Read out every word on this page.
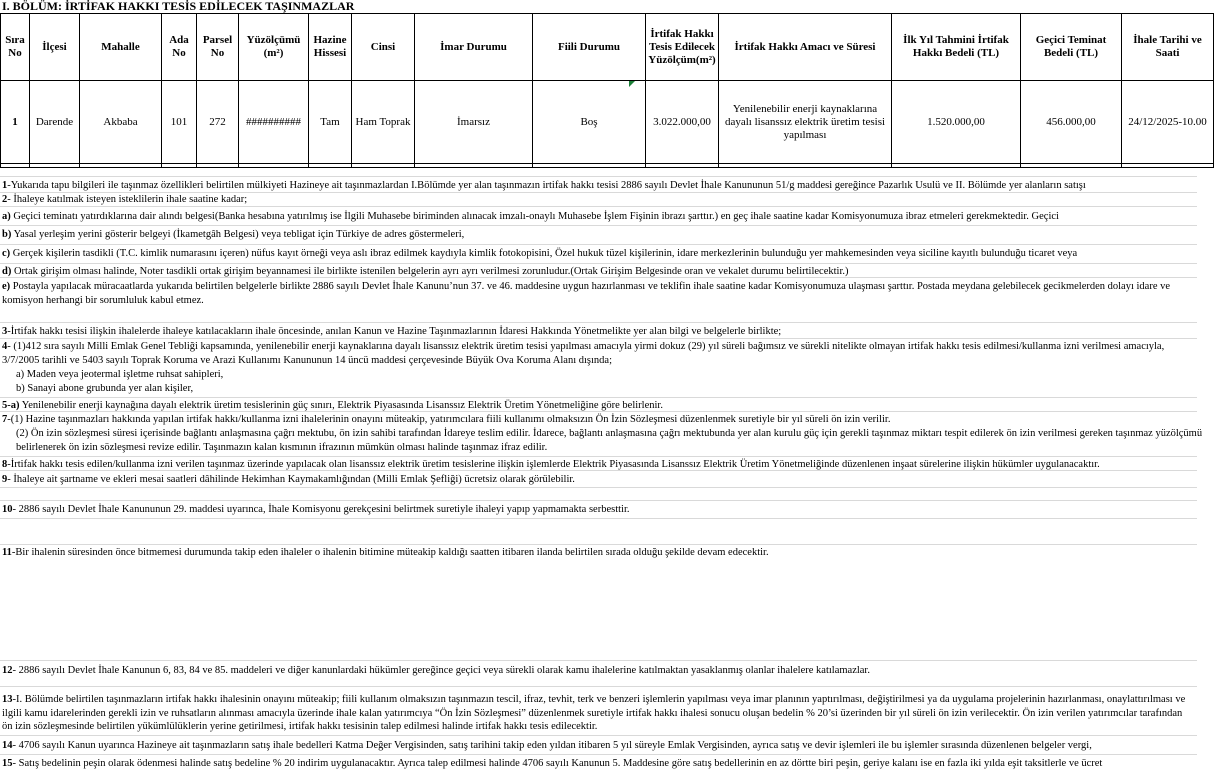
I. BÖLÜM: İRTİFAK HAKKI TESİS EDİLECEK TAŞINMAZLAR
Sıra No	İlçesi	Mahalle	Ada No	Parsel No	Yüzölçümü (m²)	Hazine Hissesi	Cinsi	İmar Durumu	Fiili Durumu	İrtifak Hakkı Tesis Edilecek Yüzölçüm(m²)	İrtifak Hakkı Amacı ve Süresi	İlk Yıl Tahmini İrtifak Hakkı Bedeli (TL)	Geçici Teminat Bedeli (TL)	İhale Tarihi ve Saati
1	Darende	Akbaba	101	272	##########	Tam	Ham Toprak	İmarsız	Boş	3.022.000,00	Yenilenebilir enerji kaynaklarına dayalı lisanssız elektrik üretim tesisi yapılması	1.520.000,00	456.000,00	24/12/2025-10.00

1-Yukarıda tapu bilgileri ile taşınmaz özellikleri belirtilen mülkiyeti Hazineye ait taşınmazlardan I.Bölümde yer alan taşınmazın irtifak hakkı tesisi 2886 sayılı Devlet İhale Kanununun 51/g maddesi gereğince Pazarlık Usulü ve II. Bölümde yer alanların satışı
2- İhaleye katılmak isteyen isteklilerin ihale saatine kadar;
a) Geçici teminatı yatırdıklarına dair alındı belgesi(Banka hesabına yatırılmış ise İlgili Muhasebe biriminden alınacak imzalı-onaylı Muhasebe İşlem Fişinin ibrazı şarttır.) en geç ihale saatine kadar Komisyonumuza ibraz etmeleri gerekmektedir. Geçici
b) Yasal yerleşim yerini gösterir belgeyi (İkametgâh Belgesi) veya tebligat için Türkiye de adres göstermeleri,
c) Gerçek kişilerin tasdikli (T.C. kimlik numarasını içeren) nüfus kayıt örneği veya aslı ibraz edilmek kaydıyla kimlik fotokopisini, Özel hukuk tüzel kişilerinin, idare merkezlerinin bulunduğu yer mahkemesinden veya siciline kayıtlı bulunduğu ticaret veya
d) Ortak girişim olması halinde, Noter tasdikli ortak girişim beyannamesi ile birlikte istenilen belgelerin ayrı ayrı verilmesi zorunludur.(Ortak Girişim Belgesinde oran ve vekalet durumu belirtilecektir.)
e) Postayla yapılacak müracaatlarda yukarıda belirtilen belgelerle birlikte 2886 sayılı Devlet İhale Kanunu’nun 37. ve 46. maddesine uygun hazırlanması ve teklifin ihale saatine kadar Komisyonumuza ulaşması şarttır. Postada meydana gelebilecek gecikmelerden dolayı idare ve komisyon herhangi bir sorumluluk kabul etmez.
3-İrtifak hakkı tesisi ilişkin ihalelerde ihaleye katılacakların ihale öncesinde, anılan Kanun ve Hazine Taşınmazlarının İdaresi Hakkında Yönetmelikte yer alan bilgi ve belgelerle birlikte;
4- (1)412 sıra sayılı Milli Emlak Genel Tebliği kapsamında, yenilenebilir enerji kaynaklarına dayalı lisanssız elektrik üretim tesisi yapılması amacıyla yirmi dokuz (29) yıl süreli bağımsız ve sürekli nitelikte olmayan irtifak hakkı tesis edilmesi/kullanma izni verilmesi amacıyla, 3/7/2005 tarihli ve 5403 sayılı Toprak Koruma ve Arazi Kullanımı Kanununun 14 üncü maddesi çerçevesinde Büyük Ova Koruma Alanı dışında;
a) Maden veya jeotermal işletme ruhsat sahipleri,
b) Sanayi abone grubunda yer alan kişiler,
5-a) Yenilenebilir enerji kaynağına dayalı elektrik üretim tesislerinin güç sınırı, Elektrik Piyasasında Lisanssız Elektrik Üretim Yönetmeliğine göre belirlenir.
7-(1) Hazine taşınmazları hakkında yapılan irtifak hakkı/kullanma izni ihalelerinin onayını müteakip, yatırımcılara fiili kullanımı olmaksızın Ön İzin Sözleşmesi düzenlenmek suretiyle bir yıl süreli ön izin verilir.
(2) Ön izin sözleşmesi süresi içerisinde bağlantı anlaşmasına çağrı mektubu, ön izin sahibi tarafından İdareye teslim edilir. İdarece, bağlantı anlaşmasına çağrı mektubunda yer alan kurulu güç için gerekli taşınmaz miktarı tespit edilerek ön izin verilmesi gereken taşınmaz yüzölçümü belirlenerek ön izin sözleşmesi revize edilir. Taşınmazın kalan kısmının ifrazının mümkün olması halinde taşınmaz ifraz edilir.
8-İrtifak hakkı tesis edilen/kullanma izni verilen taşınmaz üzerinde yapılacak olan lisanssız elektrik üretim tesislerine ilişkin işlemlerde Elektrik Piyasasında Lisanssız Elektrik Üretim Yönetmeliğinde düzenlenen inşaat sürelerine ilişkin hükümler uygulanacaktır.
9- İhaleye ait şartname ve ekleri mesai saatleri dâhilinde Hekimhan Kaymakamlığından (Milli Emlak Şefliği) ücretsiz olarak görülebilir.
10- 2886 sayılı Devlet İhale Kanununun 29. maddesi uyarınca, İhale Komisyonu gerekçesini belirtmek suretiyle ihaleyi yapıp yapmamakta serbesttir.
11-Bir ihalenin süresinden önce bitmemesi durumunda takip eden ihaleler o ihalenin bitimine müteakip kaldığı saatten itibaren ilanda belirtilen sırada olduğu şekilde devam edecektir.
12- 2886 sayılı Devlet İhale Kanunun 6, 83, 84 ve 85. maddeleri ve diğer kanunlardaki hükümler gereğince geçici veya sürekli olarak kamu ihalelerine katılmaktan yasaklanmış olanlar ihalelere katılamazlar.
13-I. Bölümde belirtilen taşınmazların irtifak hakkı ihalesinin onayını müteakip; fiili kullanım olmaksızın taşınmazın tescil, ifraz, tevhit, terk ve benzeri işlemlerin yapılması veya imar planının yaptırılması, değiştirilmesi ya da uygulama projelerinin hazırlanması, onaylattırılması ve ilgili kamu idarelerinden gerekli izin ve ruhsatların alınması amacıyla üzerinde ihale kalan yatırımcıya “Ön İzin Sözleşmesi” düzenlenmek suretiyle irtifak hakkı ihalesi sonucu oluşan bedelin % 20’si üzerinden bir yıl süreli ön izin verilecektir. Ön izin verilen yatırımcılar tarafından ön izin sözleşmesinde belirtilen yükümlülüklerin yerine getirilmesi, irtifak hakkı tesisinin talep edilmesi halinde irtifak hakkı tesis edilecektir.
14- 4706 sayılı Kanun uyarınca Hazineye ait taşınmazların satış ihale bedelleri Katma Değer Vergisinden, satış tarihini takip eden yıldan itibaren 5 yıl süreyle Emlak Vergisinden, ayrıca satış ve devir işlemleri ile bu işlemler sırasında düzenlenen belgeler vergi,
15- Satış bedelinin peşin olarak ödenmesi halinde satış bedeline % 20 indirim uygulanacaktır. Ayrıca talep edilmesi halinde 4706 sayılı Kanunun 5. Maddesine göre satış bedellerinin en az dörtte biri peşin, geriye kalanı ise en fazla iki yılda eşit taksitlerle ve ücret
